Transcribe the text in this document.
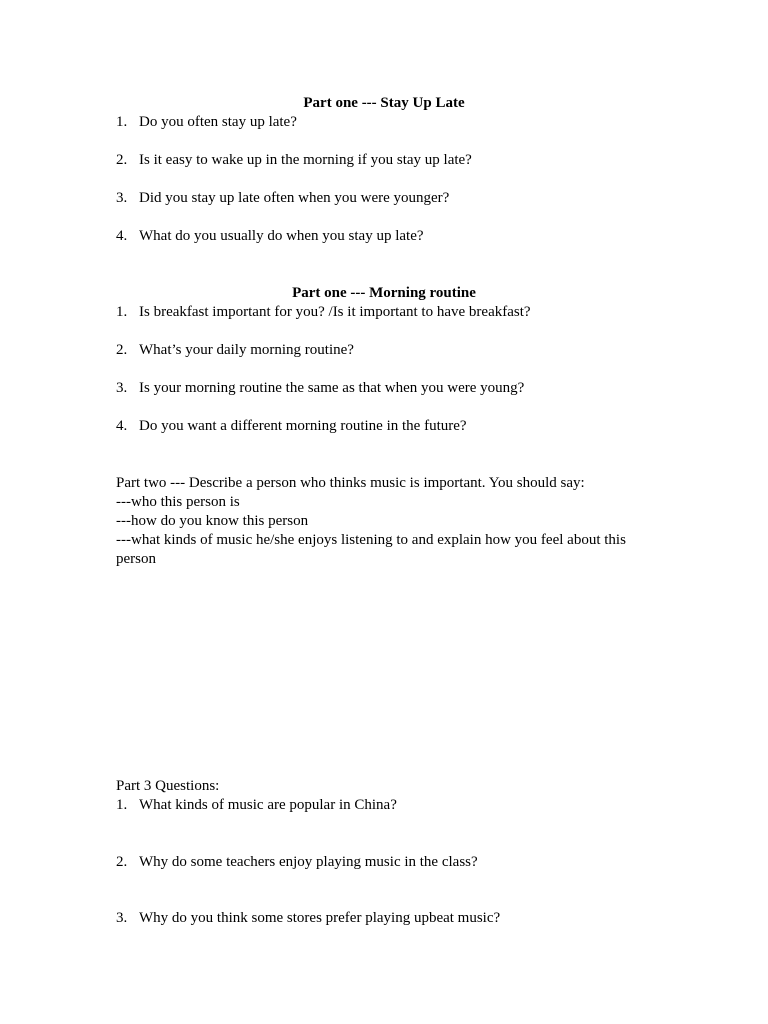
Part one --- Stay Up Late
1. Do you often stay up late?
2. Is it easy to wake up in the morning if you stay up late?
3. Did you stay up late often when you were younger?
4. What do you usually do when you stay up late?
Part one --- Morning routine
1. Is breakfast important for you? /Is it important to have breakfast?
2. What’s your daily morning routine?
3. Is your morning routine the same as that when you were young?
4. Do you want a different morning routine in the future?
Part two --- Describe a person who thinks music is important. You should say:
---who this person is
---how do you know this person
---what kinds of music he/she enjoys listening to and explain how you feel about this
person
Part 3 Questions:
1. What kinds of music are popular in China?
2. Why do some teachers enjoy playing music in the class?
3. Why do you think some stores prefer playing upbeat music?
